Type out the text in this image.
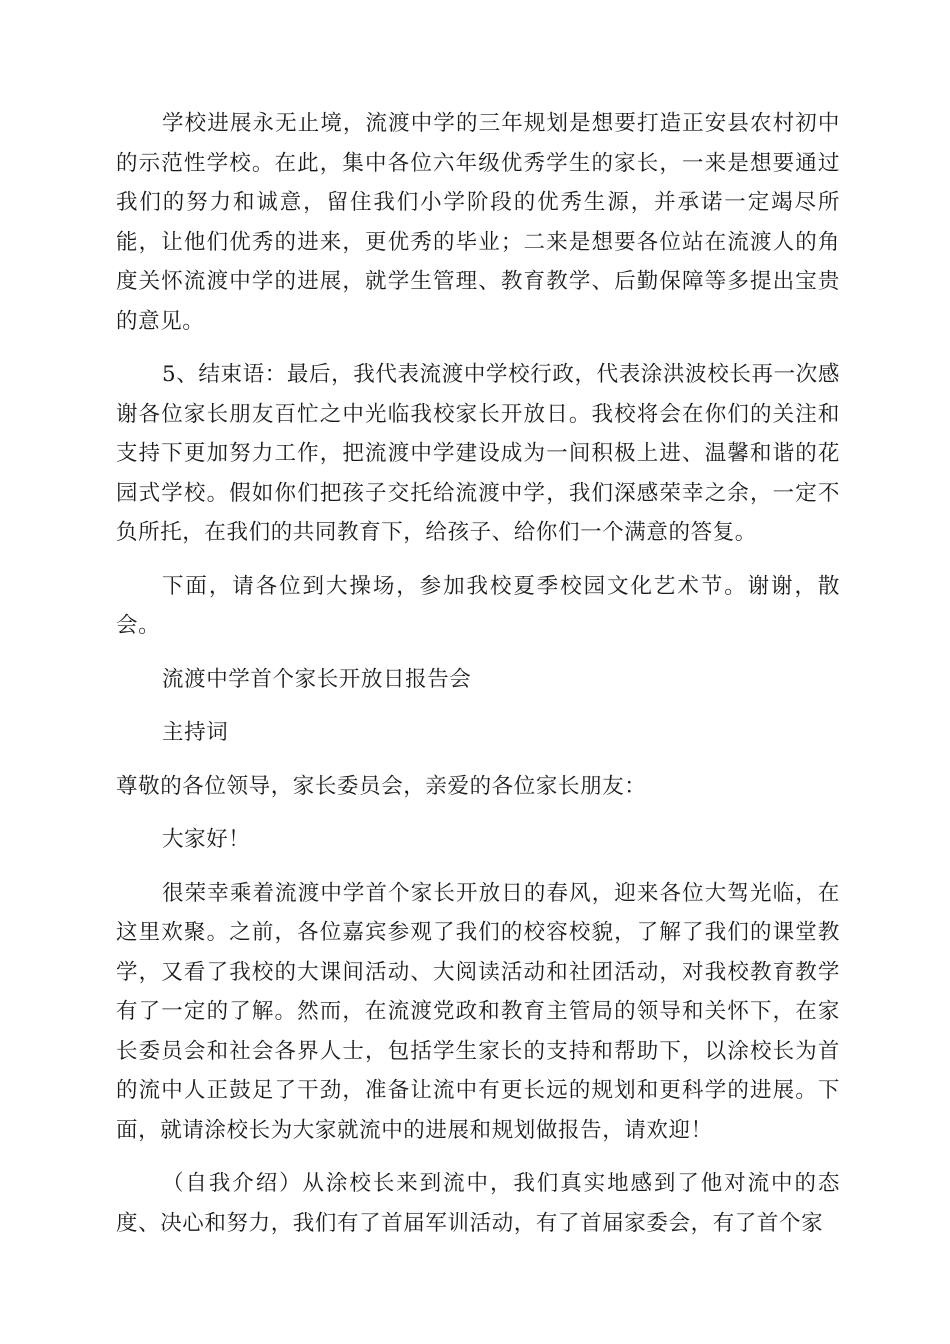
学校进展永无止境，流渡中学的三年规划是想要打造正安县农村初中的示范性学校。在此，集中各位六年级优秀学生的家长，一来是想要通过我们的努力和诚意，留住我们小学阶段的优秀生源，并承诺一定竭尽所能，让他们优秀的进来，更优秀的毕业；二来是想要各位站在流渡人的角度关怀流渡中学的进展，就学生管理、教育教学、后勤保障等多提出宝贵的意见。

5、结束语：最后，我代表流渡中学校行政，代表涂洪波校长再一次感谢各位家长朋友百忙之中光临我校家长开放日。我校将会在你们的关注和支持下更加努力工作，把流渡中学建设成为一间积极上进、温馨和谐的花园式学校。假如你们把孩子交托给流渡中学，我们深感荣幸之余，一定不负所托，在我们的共同教育下，给孩子、给你们一个满意的答复。

下面，请各位到大操场，参加我校夏季校园文化艺术节。谢谢，散会。

流渡中学首个家长开放日报告会

主持词

尊敬的各位领导，家长委员会，亲爱的各位家长朋友：

大家好！

很荣幸乘着流渡中学首个家长开放日的春风，迎来各位大驾光临，在这里欢聚。之前，各位嘉宾参观了我们的校容校貌，了解了我们的课堂教学，又看了我校的大课间活动、大阅读活动和社团活动，对我校教育教学有了一定的了解。然而，在流渡党政和教育主管局的领导和关怀下，在家长委员会和社会各界人士，包括学生家长的支持和帮助下，以涂校长为首的流中人正鼓足了干劲，准备让流中有更长远的规划和更科学的进展。下面，就请涂校长为大家就流中的进展和规划做报告，请欢迎！

（自我介绍）从涂校长来到流中，我们真实地感到了他对流中的态度、决心和努力，我们有了首届军训活动，有了首届家委会，有了首个家
